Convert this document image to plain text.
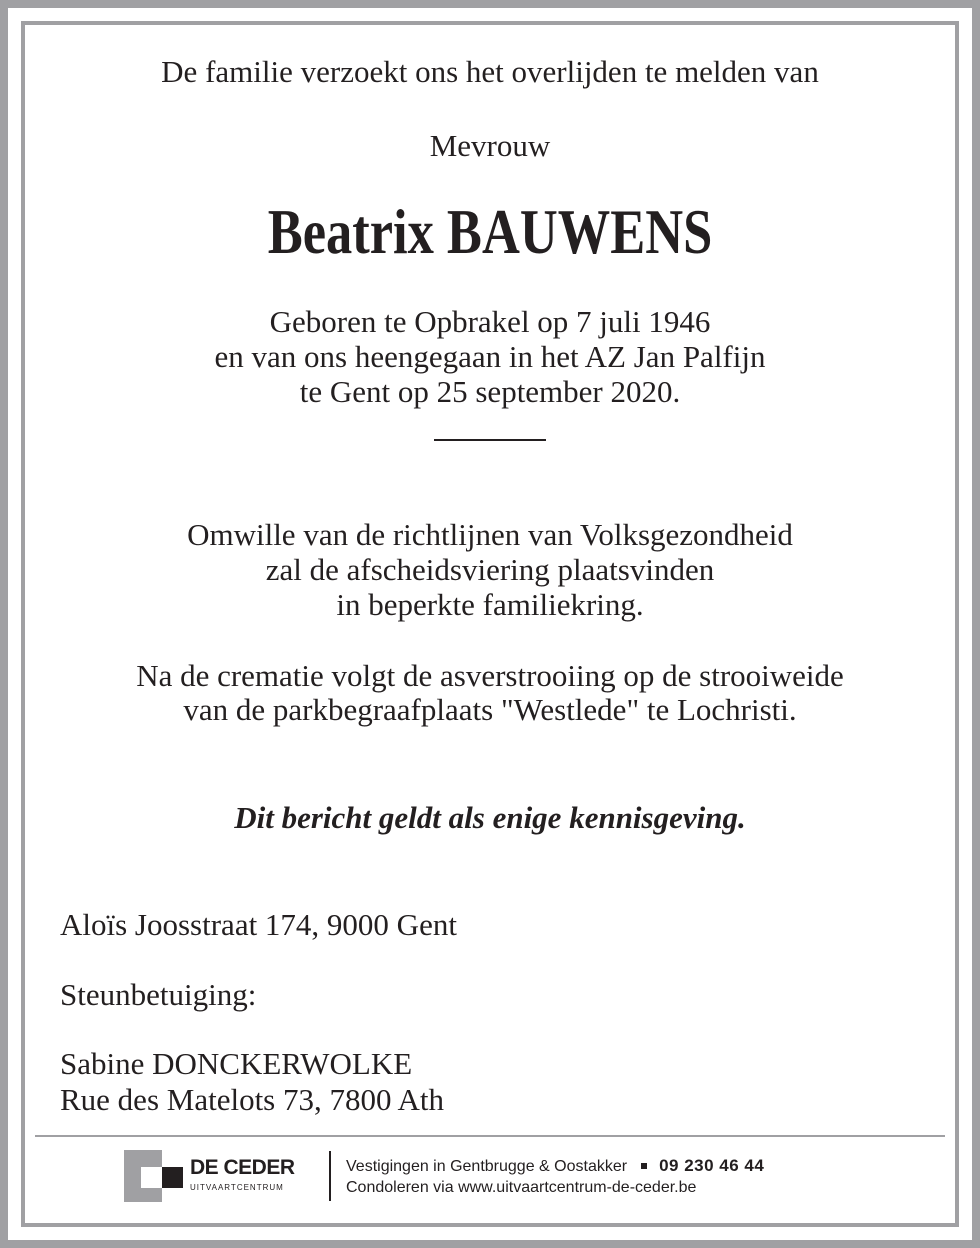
De familie verzoekt ons het overlijden te melden van
Mevrouw
Beatrix BAUWENS
Geboren te Opbrakel op 7 juli 1946
en van ons heengegaan in het AZ Jan Palfijn
te Gent op 25 september 2020.
Omwille van de richtlijnen van Volksgezondheid
zal de afscheidsviering plaatsvinden
in beperkte familiekring.
Na de crematie volgt de asverstrooiing op de strooiweide
van de parkbegraafplaats "Westlede" te Lochristi.
Dit bericht geldt als enige kennisgeving.
Aloïs Joosstraat 174, 9000 Gent
Steunbetuiging:
Sabine DONCKERWOLKE
Rue des Matelots 73, 7800 Ath
DE CEDER
UITVAARTCENTRUM
Vestigingen in Gentbrugge & Oostakker 09 230 46 44
Condoleren via www.uitvaartcentrum-de-ceder.be
